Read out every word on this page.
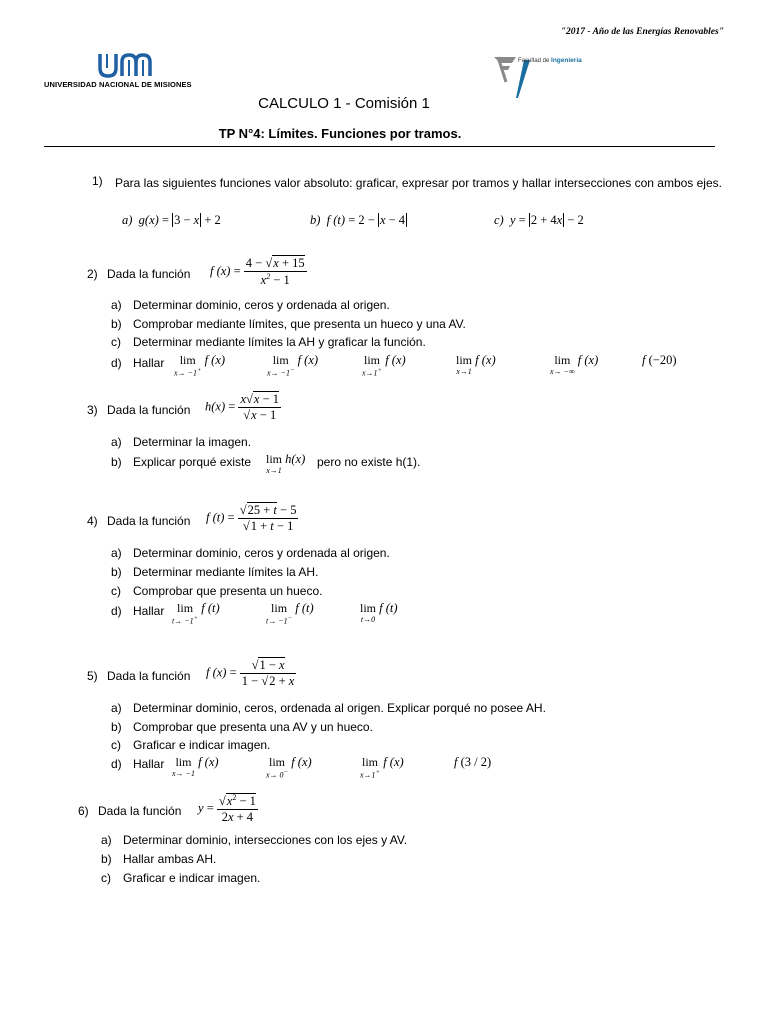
"2017 - Año de las Energías Renovables"
UNIVERSIDAD NACIONAL DE MISIONES
Facultad de Ingeniería
CALCULO 1 - Comisión 1
TP N°4: Límites. Funciones por tramos.
1) Para las siguientes funciones valor absoluto: graficar, expresar por tramos y hallar intersecciones con ambos ejes.
a)  g(x) = 3 − x + 2	b)  f (t) = 2 − x − 4	c)  y = 2 + 4x − 2
2) Dada la función f $(x) = \frac{4 - √x + 15}{x^2 - 1}$
a) Determinar dominio, ceros y ordenada al origen.
b) Comprobar mediante límites, que presenta un hueco y una AV.
c) Determinar mediante límites la AH y graficar la función.
d) Hallar	lim
x→ −1+
f (x)	lim
x→ −1−
f (x)	lim
x→1+
f (x)	lim
x→1
f (x)	lim
x→ −∞
f (x)	f (−20)
3) Dada la función $h(x) = \frac{x√x - 1}{√x - 1}$
a) Determinar la imagen.
b) Explicar porqué existe lim
x→1
h(x) pero no existe h(1).
4) Dada la función f $(t) = \frac{√25 + t - 5}{√1 + t - 1}$
a) Determinar dominio, ceros y ordenada al origen.
b) Determinar mediante límites la AH.
c) Comprobar que presenta un hueco.
d) Hallar	lim
t→ −1+
f (t)	lim
t→ −1−
f (t)	lim
t→0
f (t)
5) Dada la función f $(x) = \frac{√1 - x}{1 - √2 + x}$
a) Determinar dominio, ceros, ordenada al origen. Explicar porqué no posee AH.
b) Comprobar que presenta una AV y un hueco.
c) Graficar e indicar imagen.
d) Hallar lim
x→ −1
f (x)	lim
x→ 0−
f (x)	lim
x→1+
f (x)	f (3 / 2)
6) Dada la función $y = \frac{√x^2 - 1}{2x + 4}$
a) Determinar dominio, intersecciones con los ejes y AV.
b) Hallar ambas AH.
c) Graficar e indicar imagen.
